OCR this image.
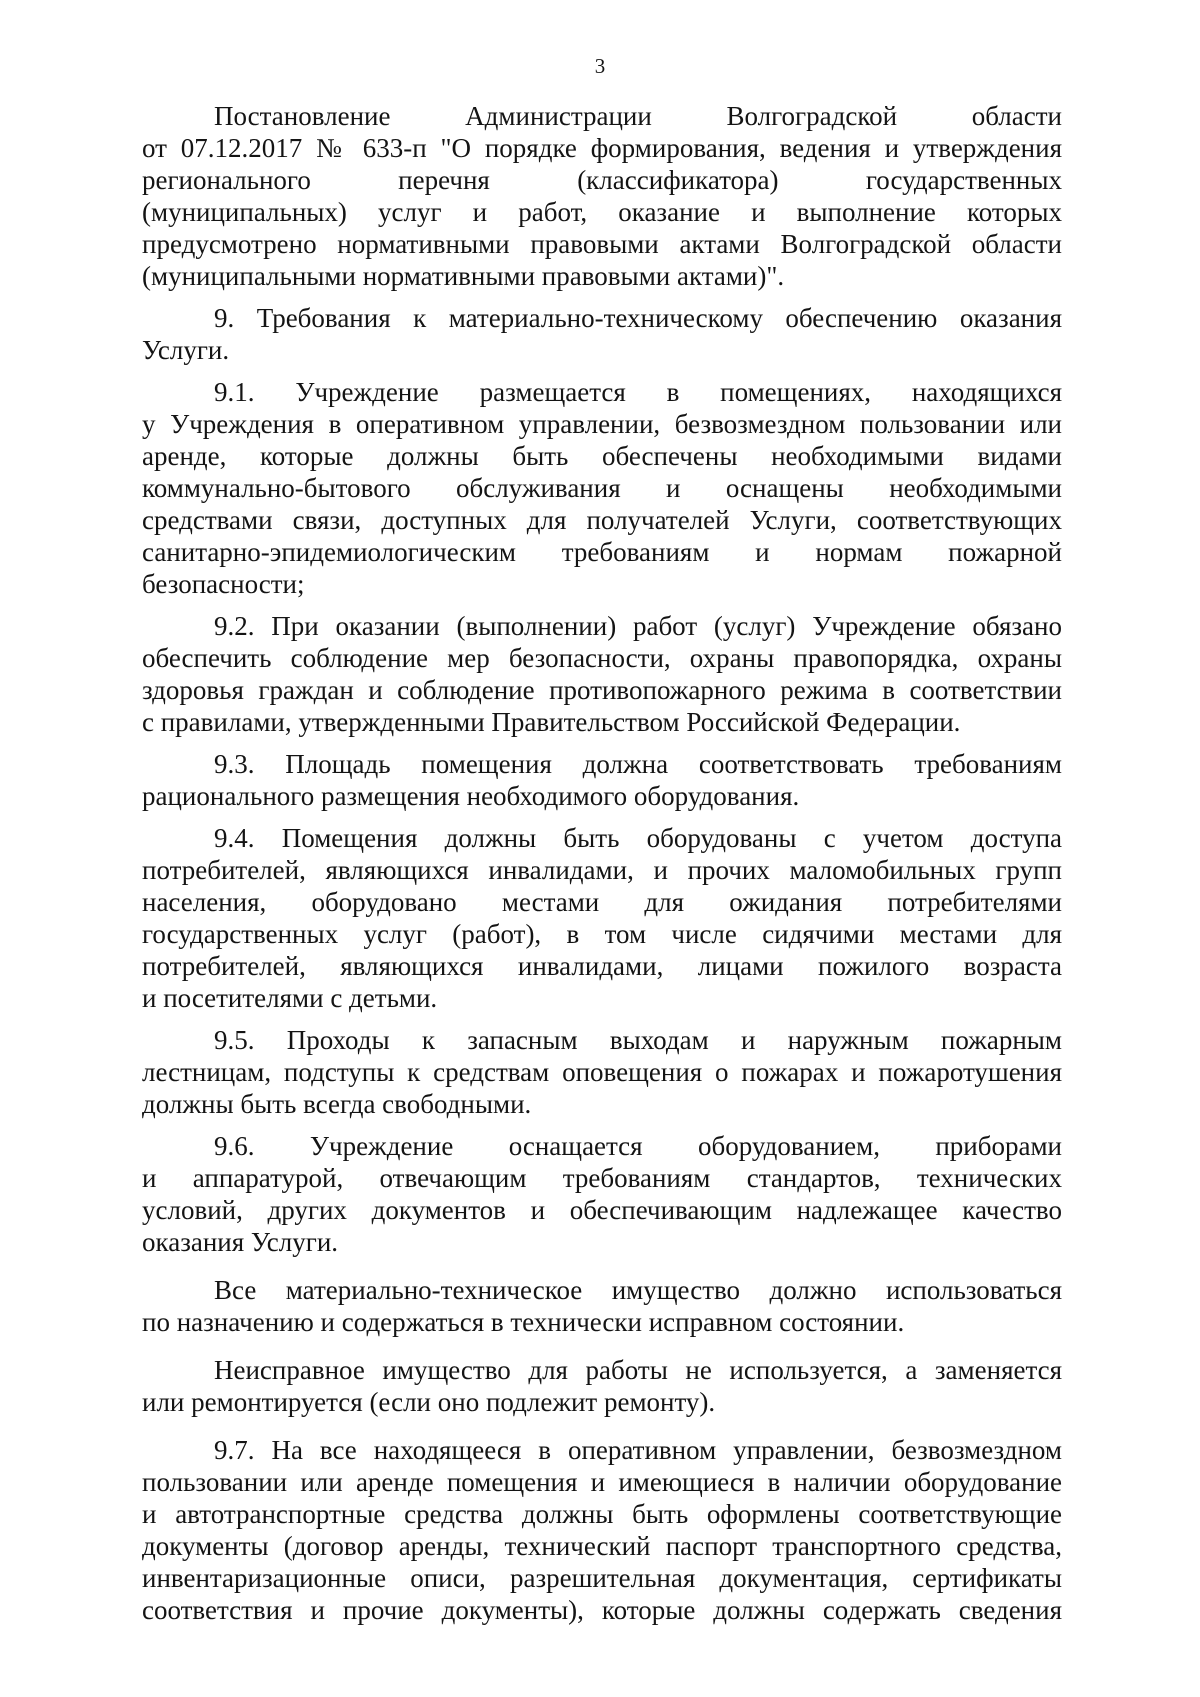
3
Постановление Администрации Волгоградской области
от 07.12.2017 № 633-п "О порядке формирования, ведения и утверждения
регионального перечня (классификатора) государственных
(муниципальных) услуг и работ, оказание и выполнение которых
предусмотрено нормативными правовыми актами Волгоградской области
(муниципальными нормативными правовыми актами)".
9. Требования к материально-техническому обеспечению оказания
Услуги.
9.1. Учреждение размещается в помещениях, находящихся
у Учреждения в оперативном управлении, безвозмездном пользовании или
аренде, которые должны быть обеспечены необходимыми видами
коммунально-бытового обслуживания и оснащены необходимыми
средствами связи, доступных для получателей Услуги, соответствующих
санитарно-эпидемиологическим требованиям и нормам пожарной
безопасности;
9.2. При оказании (выполнении) работ (услуг) Учреждение обязано
обеспечить соблюдение мер безопасности, охраны правопорядка, охраны
здоровья граждан и соблюдение противопожарного режима в соответствии
с правилами, утвержденными Правительством Российской Федерации.
9.3. Площадь помещения должна соответствовать требованиям
рационального размещения необходимого оборудования.
9.4. Помещения должны быть оборудованы с учетом доступа
потребителей, являющихся инвалидами, и прочих маломобильных групп
населения, оборудовано местами для ожидания потребителями
государственных услуг (работ), в том числе сидячими местами для
потребителей, являющихся инвалидами, лицами пожилого возраста
и посетителями с детьми.
9.5. Проходы к запасным выходам и наружным пожарным
лестницам, подступы к средствам оповещения о пожарах и пожаротушения
должны быть всегда свободными.
9.6. Учреждение оснащается оборудованием, приборами
и аппаратурой, отвечающим требованиям стандартов, технических
условий, других документов и обеспечивающим надлежащее качество
оказания Услуги.
Все материально-техническое имущество должно использоваться
по назначению и содержаться в технически исправном состоянии.
Неисправное имущество для работы не используется, а заменяется
или ремонтируется (если оно подлежит ремонту).
9.7. На все находящееся в оперативном управлении, безвозмездном
пользовании или аренде помещения и имеющиеся в наличии оборудование
и автотранспортные средства должны быть оформлены соответствующие
документы (договор аренды, технический паспорт транспортного средства,
инвентаризационные описи, разрешительная документация, сертификаты
соответствия и прочие документы), которые должны содержать сведения
